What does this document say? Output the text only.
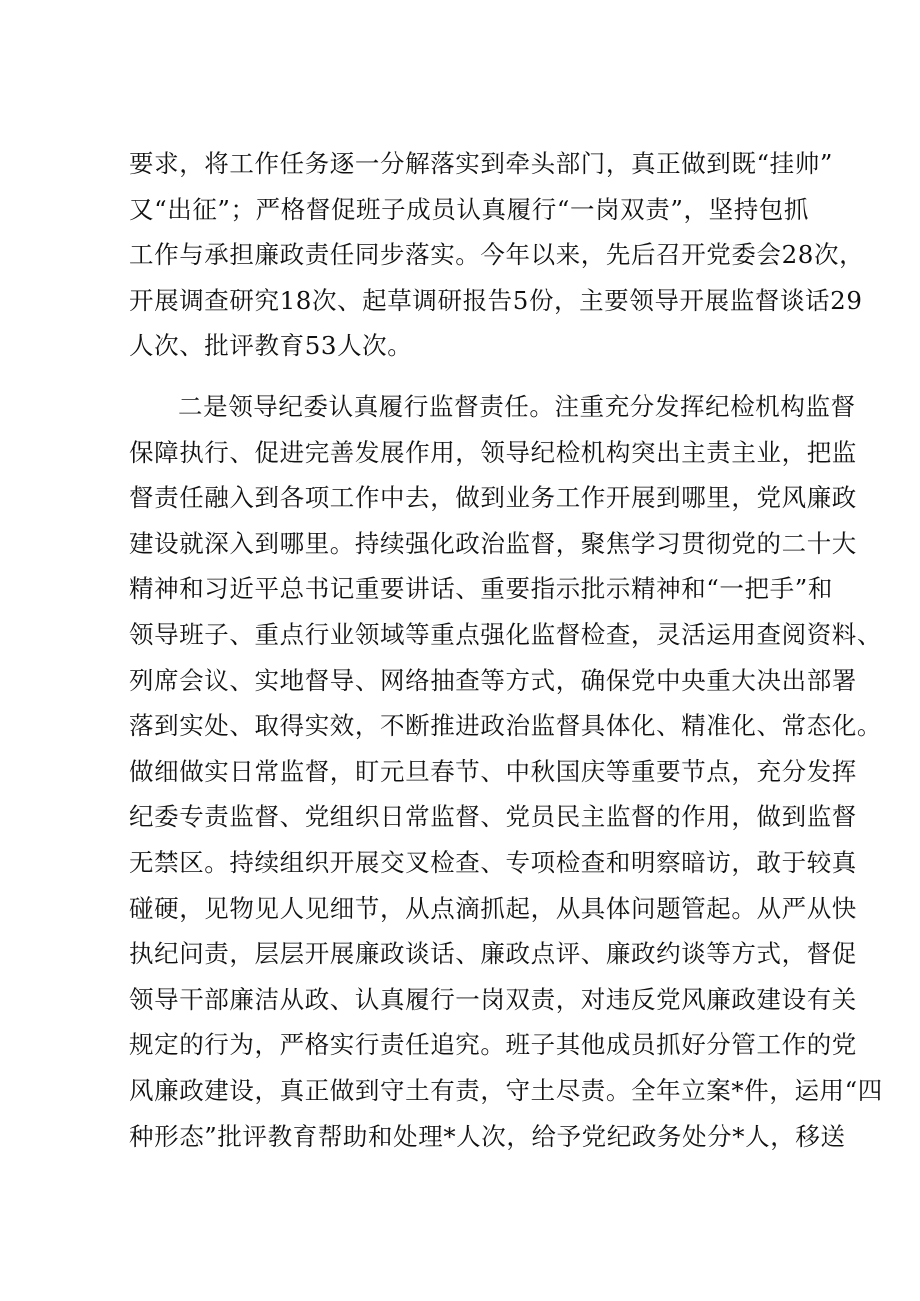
要求，将工作任务逐一分解落实到牵头部门，真正做到既“挂帅”
又“出征”；严格督促班子成员认真履行“一岗双责”，坚持包抓
工作与承担廉政责任同步落实。今年以来，先后召开党委会28次，
开展调查研究18次、起草调研报告5份，主要领导开展监督谈话29
人次、批评教育53人次。
二是领导纪委认真履行监督责任。注重充分发挥纪检机构监督
保障执行、促进完善发展作用，领导纪检机构突出主责主业，把监
督责任融入到各项工作中去，做到业务工作开展到哪里，党风廉政
建设就深入到哪里。持续强化政治监督，聚焦学习贯彻党的二十大
精神和习近平总书记重要讲话、重要指示批示精神和“一把手”和
领导班子、重点行业领域等重点强化监督检查，灵活运用查阅资料、
列席会议、实地督导、网络抽查等方式，确保党中央重大决出部署
落到实处、取得实效，不断推进政治监督具体化、精准化、常态化。
做细做实日常监督，盯元旦春节、中秋国庆等重要节点，充分发挥
纪委专责监督、党组织日常监督、党员民主监督的作用，做到监督
无禁区。持续组织开展交叉检查、专项检查和明察暗访，敢于较真
碰硬，见物见人见细节，从点滴抓起，从具体问题管起。从严从快
执纪问责，层层开展廉政谈话、廉政点评、廉政约谈等方式，督促
领导干部廉洁从政、认真履行一岗双责，对违反党风廉政建设有关
规定的行为，严格实行责任追究。班子其他成员抓好分管工作的党
风廉政建设，真正做到守土有责，守土尽责。全年立案*件，运用“四
种形态”批评教育帮助和处理*人次，给予党纪政务处分*人，移送
